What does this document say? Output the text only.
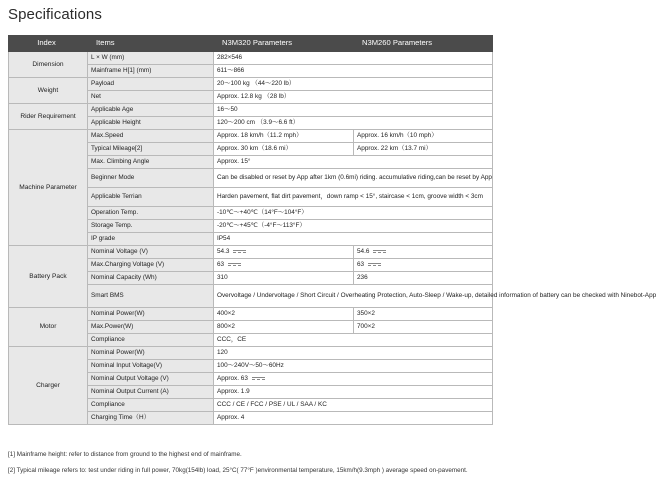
Specifications
Index	Items	N3M320 Parameters	N3M260 Parameters
Dimension	L × W (mm)	282×546	
	Mainframe H[1] (mm)	611～866	
Weight	Payload	20～100 kg （44～220 lb）	
	Net	Approx. 12.8 kg （28 lb）	
Rider Requirement	Applicable Age	16～50	
	Applicable Height	120～200 cm （3.9～6.6 ft）	
Machine Parameter	Max.Speed	Approx. 18 km/h（11.2 mph）	Approx. 16 km/h（10 mph）
	Typical Mileage[2]	Approx. 30 km（18.6 mi）	Approx. 22 km（13.7 mi）
	Max. Climbing Angle	Approx. 15°	
	Beginner Mode	Can be disabled or reset by App after 1km (0.6mi) riding. accumulative riding,can be reset by App	
	Applicable Terrian	Harden pavement, flat dirt pavement，down ramp < 15°, staircase < 1cm, groove width < 3cm	
	Operation Temp.	-10℃～+40℃（14°F～104°F）	
	Storage Temp.	-20℃～+45℃（-4°F～113°F）	
	IP grade	IP54	
Battery Pack	Nominal Voltage (V)	54.3	54.6

	Max.Charging Voltage (V)	63	63

	Nominal Capacity (Wh)	310	236
	Smart BMS	Overvoltage / Undervoltage / Short Circuit / Overheating Protection, Auto-Sleep / Wake-up, detailed information of battery can be checked with Ninebot-App	
Motor	Nominal Power(W)	400×2	350×2
	Max.Power(W)	800×2	700×2
	Compliance	CCC，CE	
Charger	Nominal Power(W)	120	
	Nominal Input Voltage(V)	100～240V～50～60Hz	
	Nominal Output Voltage (V)	Approx. 63	

	Nominal Output Current (A)	Approx. 1.9	
	Compliance	CCC / CE / FCC / PSE / UL / SAA / KC	
	Charging Time（H）	Approx. 4	

[1] Mainframe height: refer to distance from ground to the highest end of mainframe.

[2] Typical mileage refers to: test under riding in full power, 70kg(154lb) load, 25°C( 77°F )environmental temperature, 15km/h(9.3mph ) average speed on-pavement.
